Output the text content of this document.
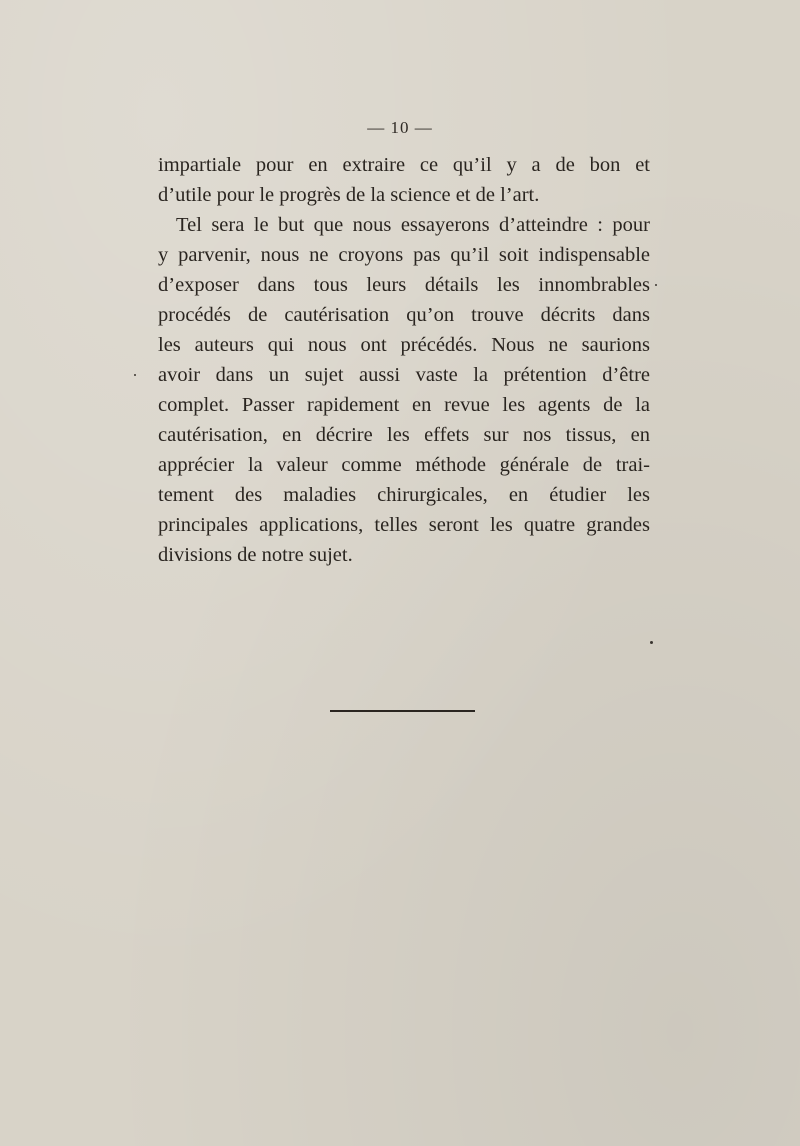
— 10 —
impartiale pour en extraire ce qu’il y a de bon et
d’utile pour le progrès de la science et de l’art.
Tel sera le but que nous essayerons d’atteindre : pour
y parvenir, nous ne croyons pas qu’il soit indispensable
d’exposer dans tous leurs détails les innombrables
procédés de cautérisation qu’on trouve décrits dans
les auteurs qui nous ont précédés. Nous ne saurions
avoir dans un sujet aussi vaste la prétention d’être
complet. Passer rapidement en revue les agents de la
cautérisation, en décrire les effets sur nos tissus, en
apprécier la valeur comme méthode générale de trai-
tement des maladies chirurgicales, en étudier les
principales applications, telles seront les quatre grandes
divisions de notre sujet.
